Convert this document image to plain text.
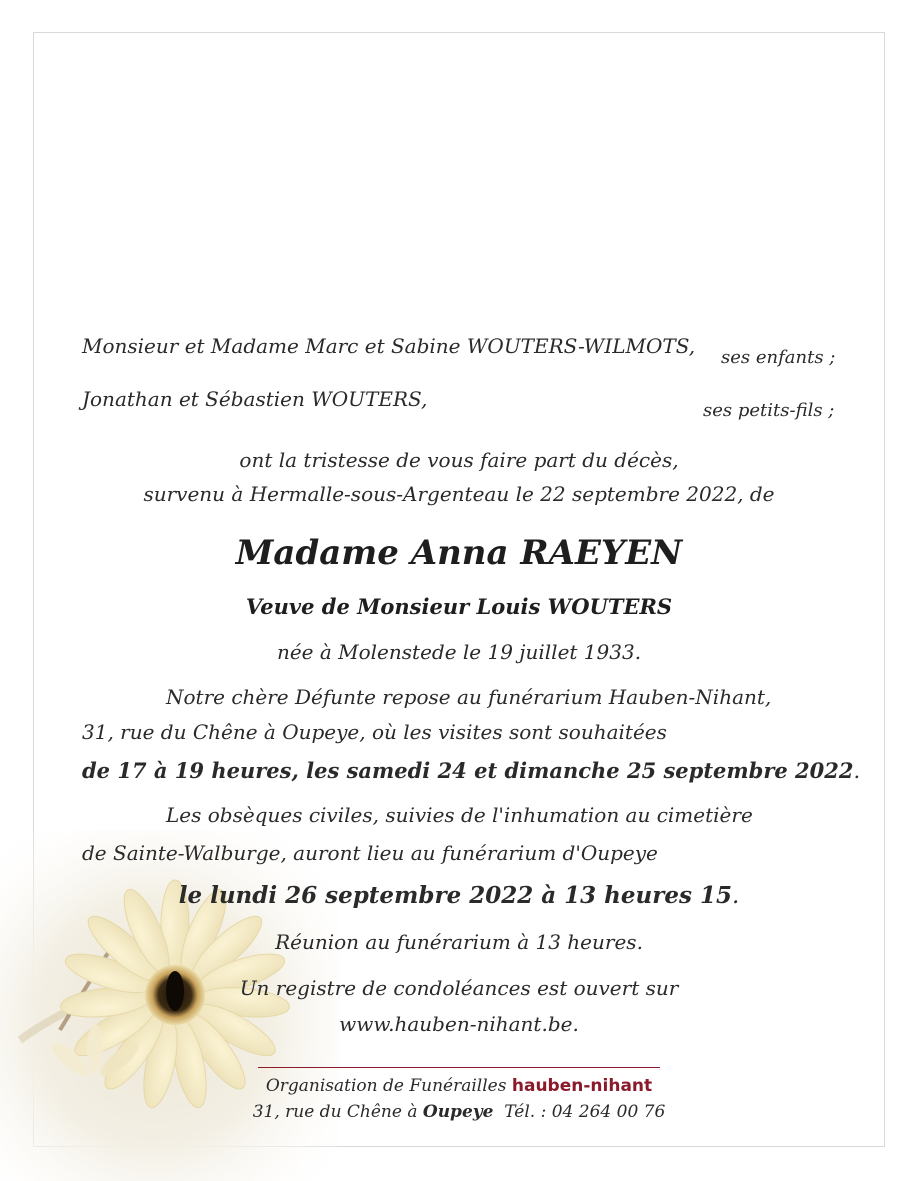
Monsieur et Madame Marc et Sabine WOUTERS-WILMOTS, ses enfants ;
Jonathan et Sébastien WOUTERS,	ses petits-fils ;
ont la tristesse de vous faire part du décès,
survenu à Hermalle-sous-Argenteau le 22 septembre 2022, de
Madame Anna RAEYEN
Veuve de Monsieur Louis WOUTERS
née à Molenstede le 19 juillet 1933.
Notre chère Défunte repose au funérarium Hauben-Nihant,
31, rue du Chêne à Oupeye, où les visites sont souhaitées
de 17 à 19 heures, les samedi 24 et dimanche 25 septembre 2022.
Les obsèques civiles, suivies de l'inhumation au cimetière
de Sainte-Walburge, auront lieu au funérarium d'Oupeye
le lundi 26 septembre 2022 à 13 heures 15.
Réunion au funérarium à 13 heures.
Un registre de condoléances est ouvert sur
www.hauben-nihant.be.
Organisation de Funérailles hauben-nihant
31, rue du Chêne à Oupeye Tél. : 04 264 00 76
